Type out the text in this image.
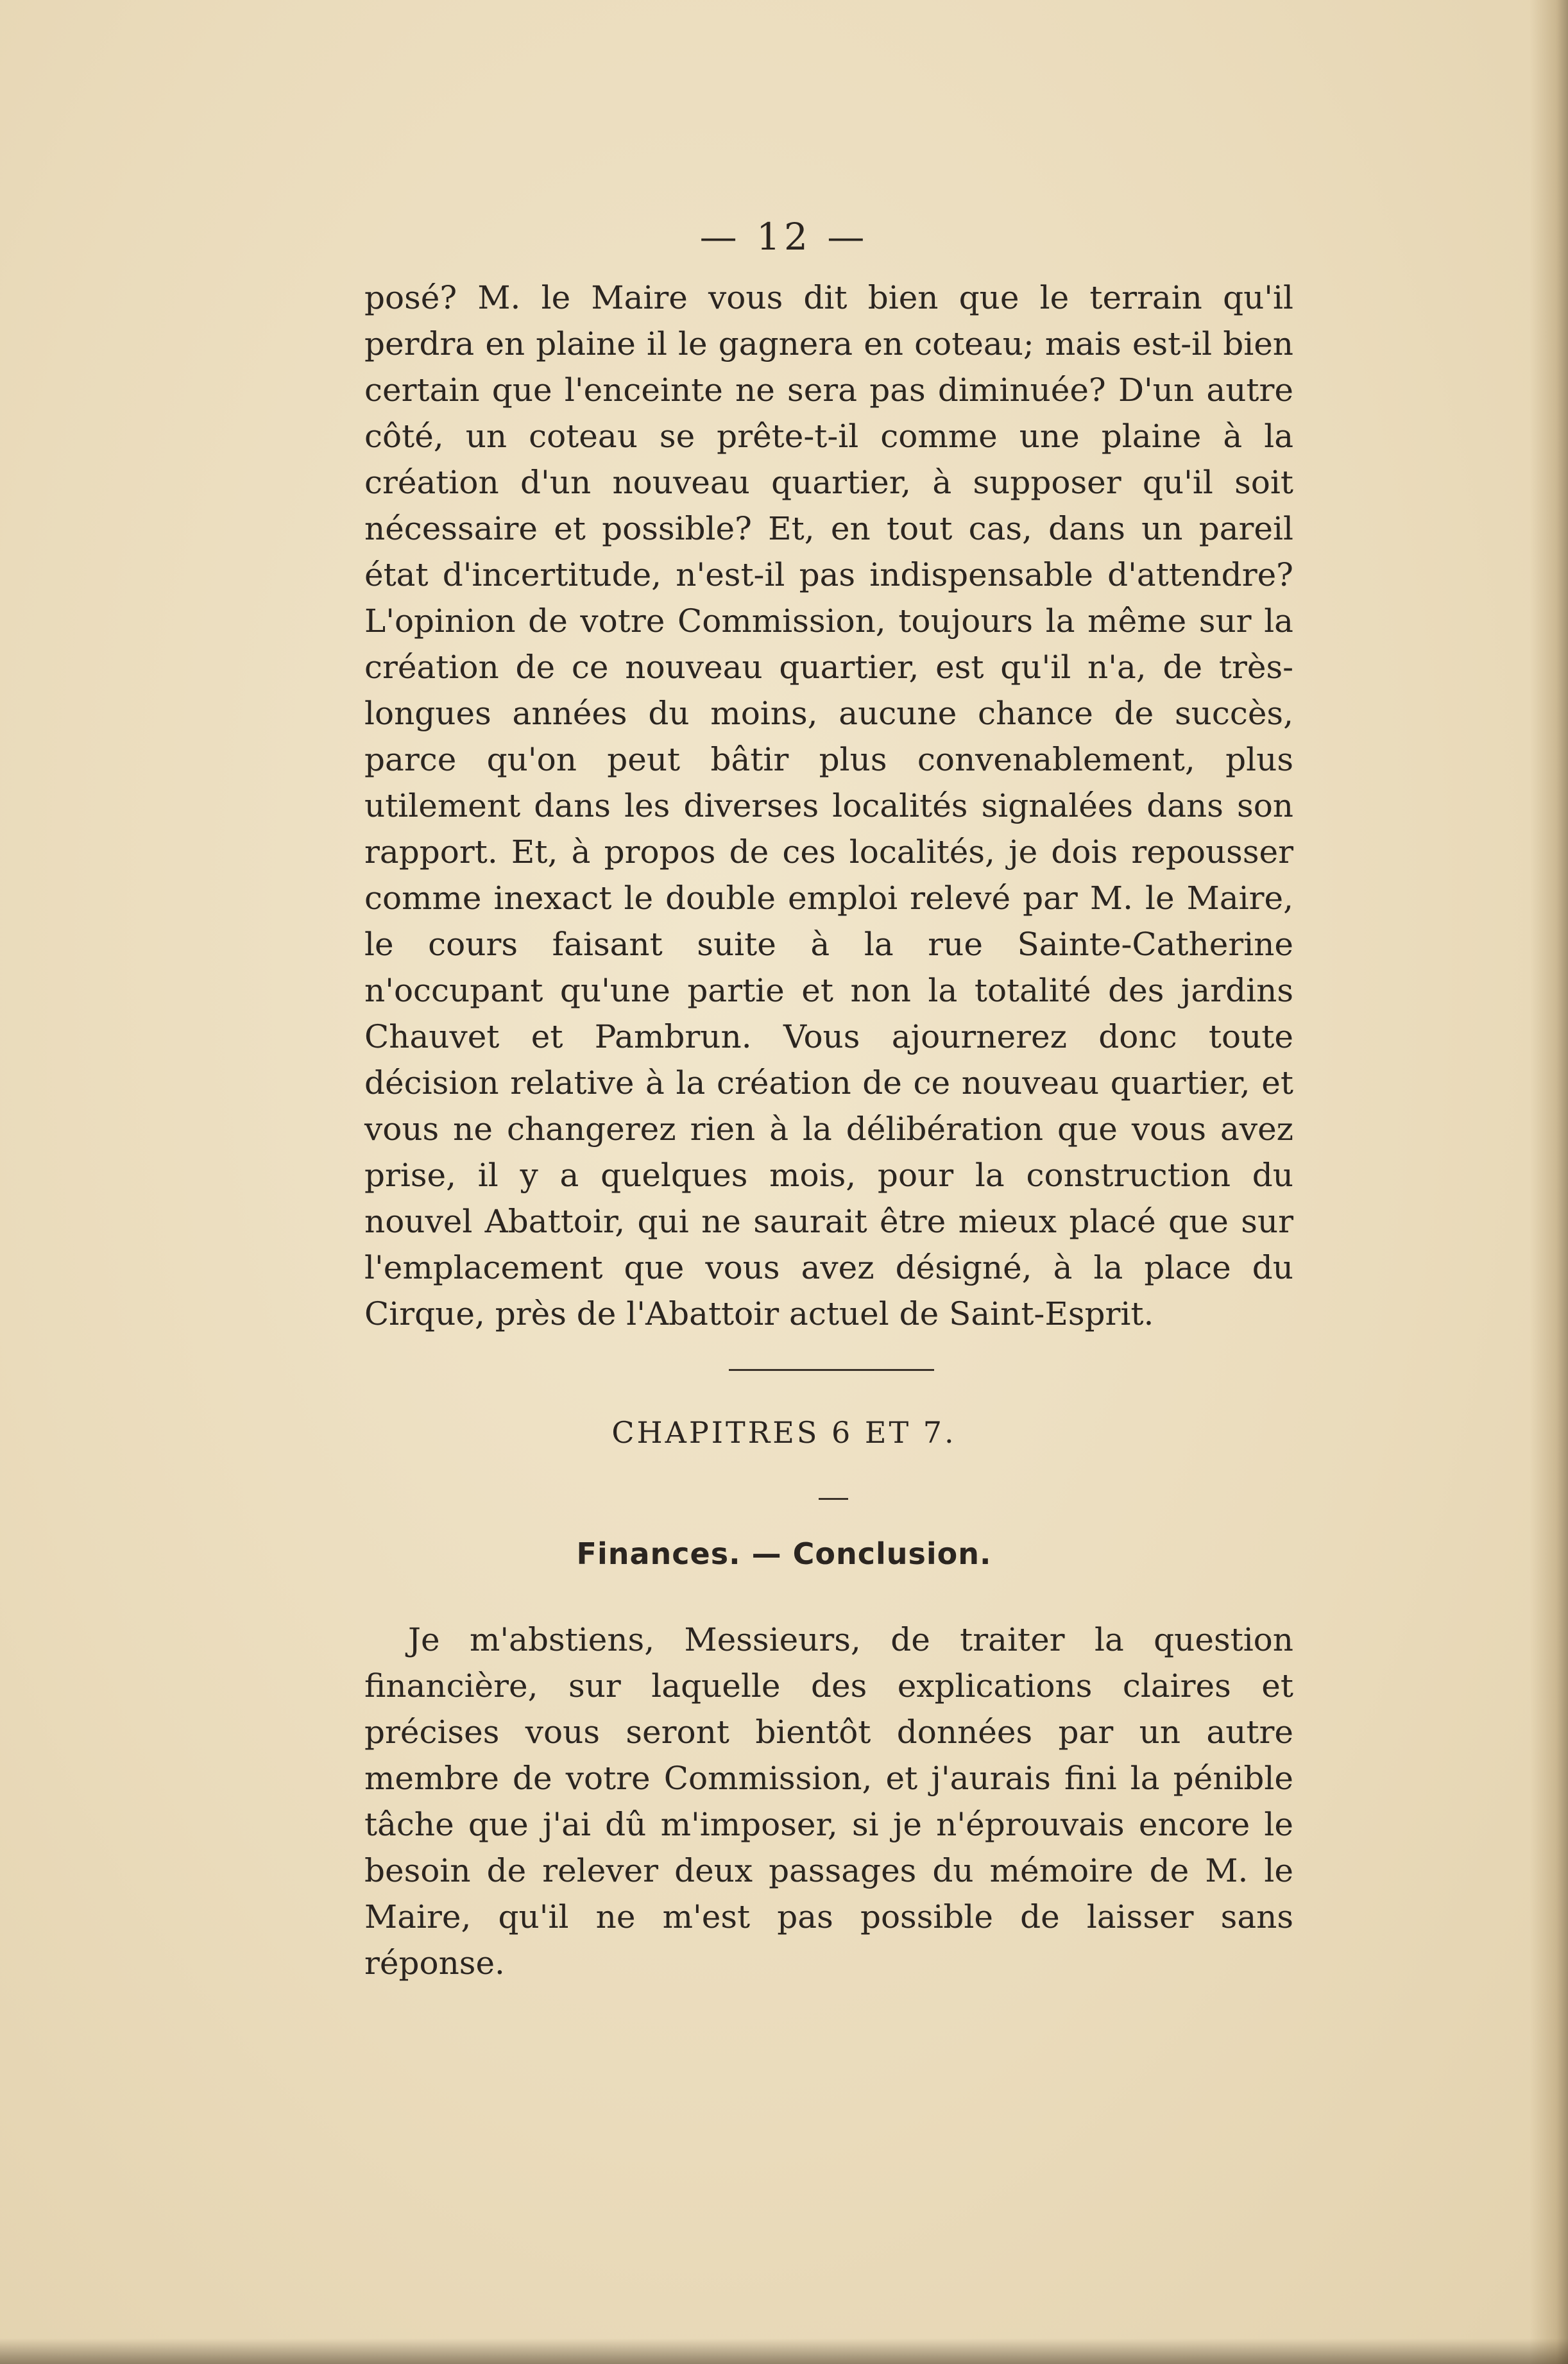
— 12 —

posé? M. le Maire vous dit bien que le terrain qu'il perdra en plaine il le gagnera en coteau; mais est-il bien certain que l'enceinte ne sera pas diminuée? D'un autre côté, un coteau se prête-t-il comme une plaine à la création d'un nouveau quartier, à supposer qu'il soit nécessaire et possible? Et, en tout cas, dans un pareil état d'incertitude, n'est-il pas indispensable d'attendre? L'opinion de votre Commission, toujours la même sur la création de ce nouveau quartier, est qu'il n'a, de très-longues années du moins, aucune chance de succès, parce qu'on peut bâtir plus convenablement, plus utilement dans les diverses localités signalées dans son rapport. Et, à propos de ces localités, je dois repousser comme inexact le double emploi relevé par M. le Maire, le cours faisant suite à la rue Sainte-Catherine n'occupant qu'une partie et non la totalité des jardins Chauvet et Pambrun. Vous ajournerez donc toute décision relative à la création de ce nouveau quartier, et vous ne changerez rien à la délibération que vous avez prise, il y a quelques mois, pour la construction du nouvel Abattoir, qui ne saurait être mieux placé que sur l'emplacement que vous avez désigné, à la place du Cirque, près de l'Abattoir actuel de Saint-Esprit.

CHAPITRES 6 ET 7.
Finances. — Conclusion.

Je m'abstiens, Messieurs, de traiter la question financière, sur laquelle des explications claires et précises vous seront bientôt données par un autre membre de votre Commission, et j'aurais fini la pénible tâche que j'ai dû m'imposer, si je n'éprouvais encore le besoin de relever deux passages du mémoire de M. le Maire, qu'il ne m'est pas possible de laisser sans réponse.
